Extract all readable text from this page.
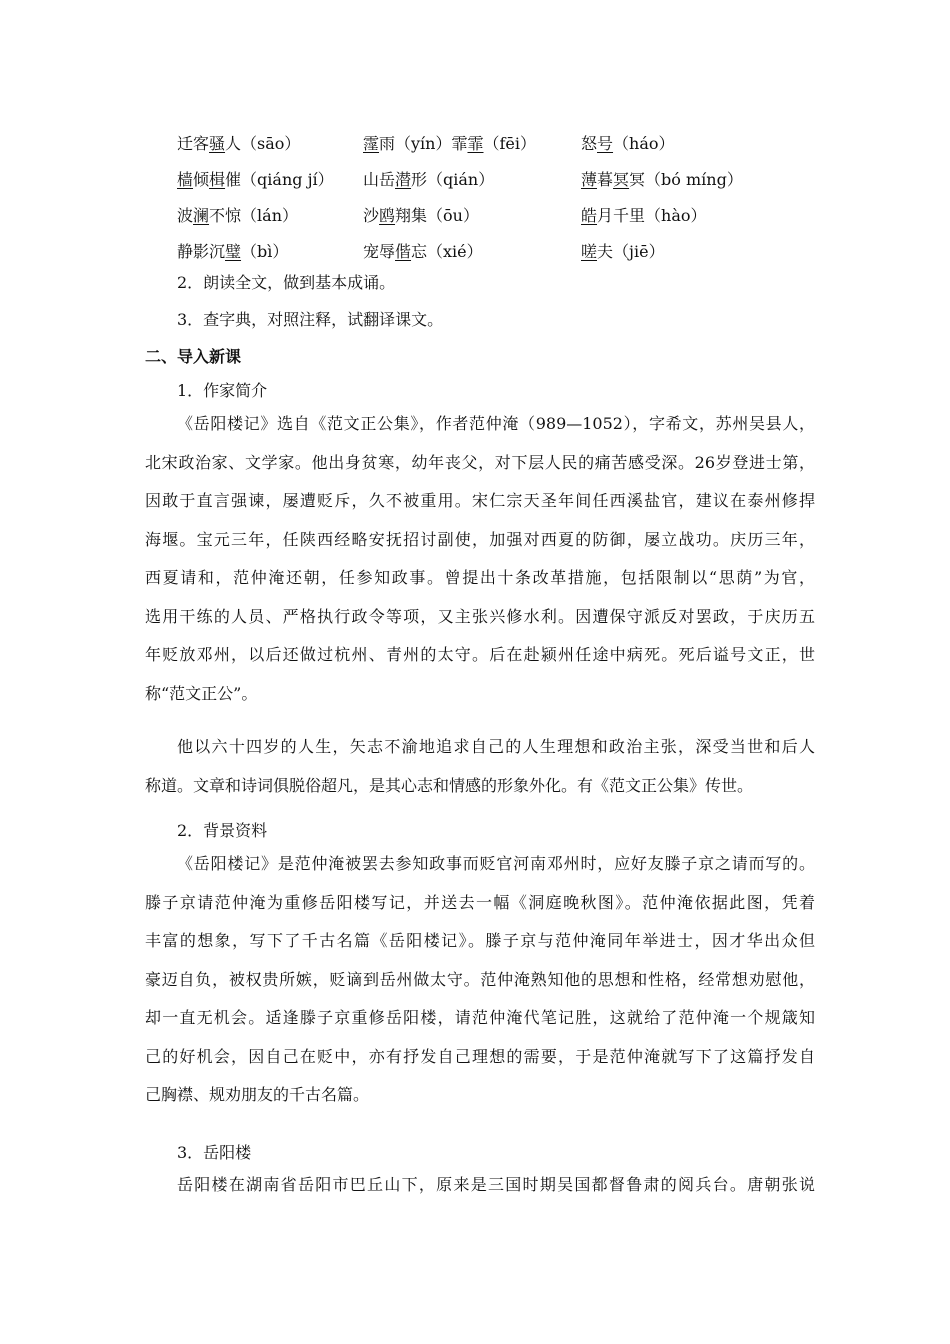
迁客骚人（sāo）	霪雨（yín）霏霏（fēi）	怒号（háo）
樯倾楫催（qiáng jí）	山岳潜形（qián）	薄暮冥冥（bó míng）
波澜不惊（lán）	沙鸥翔集（ōu）	皓月千里（hào）
静影沉璧（bì）	宠辱偕忘（xié）	嗟夫（jiē）
2．朗读全文，做到基本成诵。
3．查字典，对照注释，试翻译课文。
二、导入新课
1．作家简介
《岳阳楼记》选自《范文正公集》，作者范仲淹（989—1052），字希文，苏州吴县人，
北宋政治家、文学家。他出身贫寒，幼年丧父，对下层人民的痛苦感受深。26岁登进士第，
因敢于直言强谏，屡遭贬斥，久不被重用。宋仁宗天圣年间任西溪盐官，建议在泰州修捍
海堰。宝元三年，任陕西经略安抚招讨副使，加强对西夏的防御，屡立战功。庆历三年，
西夏请和，范仲淹还朝，任参知政事。曾提出十条改革措施，包括限制以“思荫”为官，
选用干练的人员、严格执行政令等项，又主张兴修水利。因遭保守派反对罢政，于庆历五
年贬放邓州，以后还做过杭州、青州的太守。后在赴颍州任途中病死。死后谥号文正，世
称“范文正公”。
他以六十四岁的人生，矢志不渝地追求自己的人生理想和政治主张，深受当世和后人
称道。文章和诗词俱脱俗超凡，是其心志和情感的形象外化。有《范文正公集》传世。
2．背景资料
《岳阳楼记》是范仲淹被罢去参知政事而贬官河南邓州时，应好友滕子京之请而写的。
滕子京请范仲淹为重修岳阳楼写记，并送去一幅《洞庭晚秋图》。范仲淹依据此图，凭着
丰富的想象，写下了千古名篇《岳阳楼记》。滕子京与范仲淹同年举进士，因才华出众但
豪迈自负，被权贵所嫉，贬谪到岳州做太守。范仲淹熟知他的思想和性格，经常想劝慰他，
却一直无机会。适逢滕子京重修岳阳楼，请范仲淹代笔记胜，这就给了范仲淹一个规箴知
己的好机会，因自己在贬中，亦有抒发自己理想的需要，于是范仲淹就写下了这篇抒发自
己胸襟、规劝朋友的千古名篇。
3．岳阳楼
岳阳楼在湖南省岳阳市巴丘山下，原来是三国时期吴国都督鲁肃的阅兵台。唐朝张说
